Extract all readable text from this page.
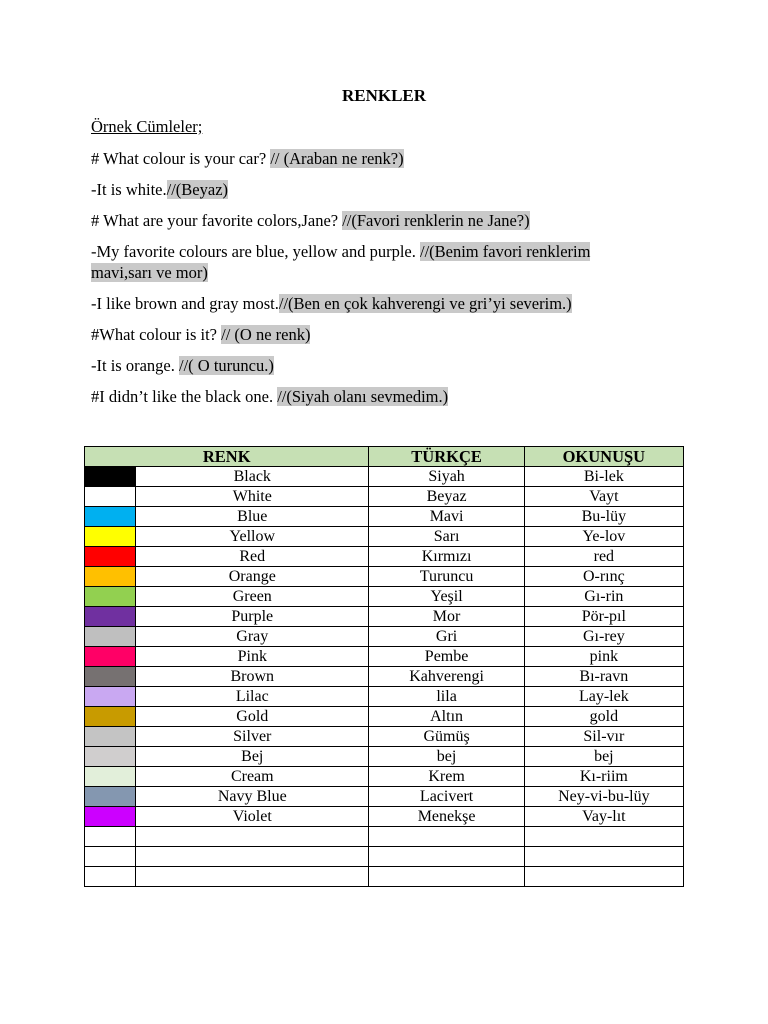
RENKLER
Örnek Cümleler;
# What colour is your car? // (Araban ne renk?)
-It is white.//(Beyaz)
# What are your favorite colors,Jane? //(Favori renklerin ne Jane?)
-My favorite colours are blue, yellow and purple. //(Benim favori renklerim mavi,sarı ve mor)
-I like brown and gray most.//(Ben en çok kahverengi ve gri’yi severim.)
#What colour is it? // (O ne renk)
-It is orange. //( O turuncu.)
#I didn’t like the black one. //(Siyah olanı sevmedim.)
RENK		TÜRKÇE	OKUNUŞU
	Black	Siyah	Bi-lek
	White	Beyaz	Vayt
	Blue	Mavi	Bu-lüy
	Yellow	Sarı	Ye-lov
	Red	Kırmızı	red
	Orange	Turuncu	O-rınç
	Green	Yeşil	Gı-rin
	Purple	Mor	Pör-pıl
	Gray	Gri	Gı-rey
	Pink	Pembe	pink
	Brown	Kahverengi	Bı-ravn
	Lilac	lila	Lay-lek
	Gold	Altın	gold
	Silver	Gümüş	Sil-vır
	Bej	bej	bej
	Cream	Krem	Kı-riim
	Navy Blue	Lacivert	Ney-vi-bu-lüy
	Violet	Menekşe	Vay-lıt
